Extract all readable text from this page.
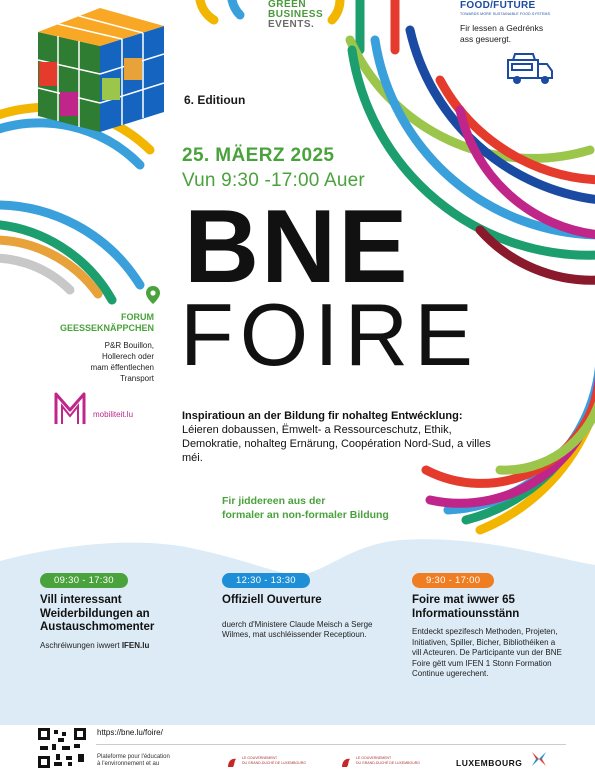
6. Editioun
GREEN
BUSINESS
EVENTS.
FOOD/FUTURE
TOWARDS MORE SUSTAINABLE FOOD SYSTEMS
Fir lessen a Gedrénks
ass gesuergt.
25. MÄERZ 2025
Vun 9:30 -17:00 Auer
BNE
FOIRE
FORUM
GEESSEKNÄPPCHEN
P&R Bouillon,
Hollerech oder
mam ëffentlechen
Transport
mobiliteit.lu	Inspiratioun an der Bildung fir nohalteg Entwécklung: Léieren dobaussen, Ëmwelt- a Ressourceschutz, Ethik, Demokratie, nohalteg Ernärung, Coopération Nord-Sud, a villes méi.
Fir jiddereen aus der
formaler an non-formaler Bildung
09:30 - 17:30
Vill interessant Weiderbildungen an Austauschmomenter
Aschréiwungen iwwert IFEN.lu
12:30 - 13:30
Offiziell Ouverture
duerch d'Ministere Claude Meisch a Serge Wilmes, mat uschléissender Receptioun.
9:30 - 17:00
Foire mat iwwer 65 Informatiounsstänn
Entdeckt spezifesch Methoden, Projeten, Initiativen, Spiller, Bicher, Bibliothéiken a vill Acteuren. De Participante vun der BNE Foire gëtt vum IFEN 1 Stonn Formation Continue ugerechent.
https://bne.lu/foire/
Plateforme pour l'éducation
à l'environnement et au
LE GOUVERNEMENT
DU GRAND-DUCHÉ DE LUXEMBOURG
LE GOUVERNEMENT
DU GRAND-DUCHÉ DE LUXEMBOURG	LUXEMBOURG
